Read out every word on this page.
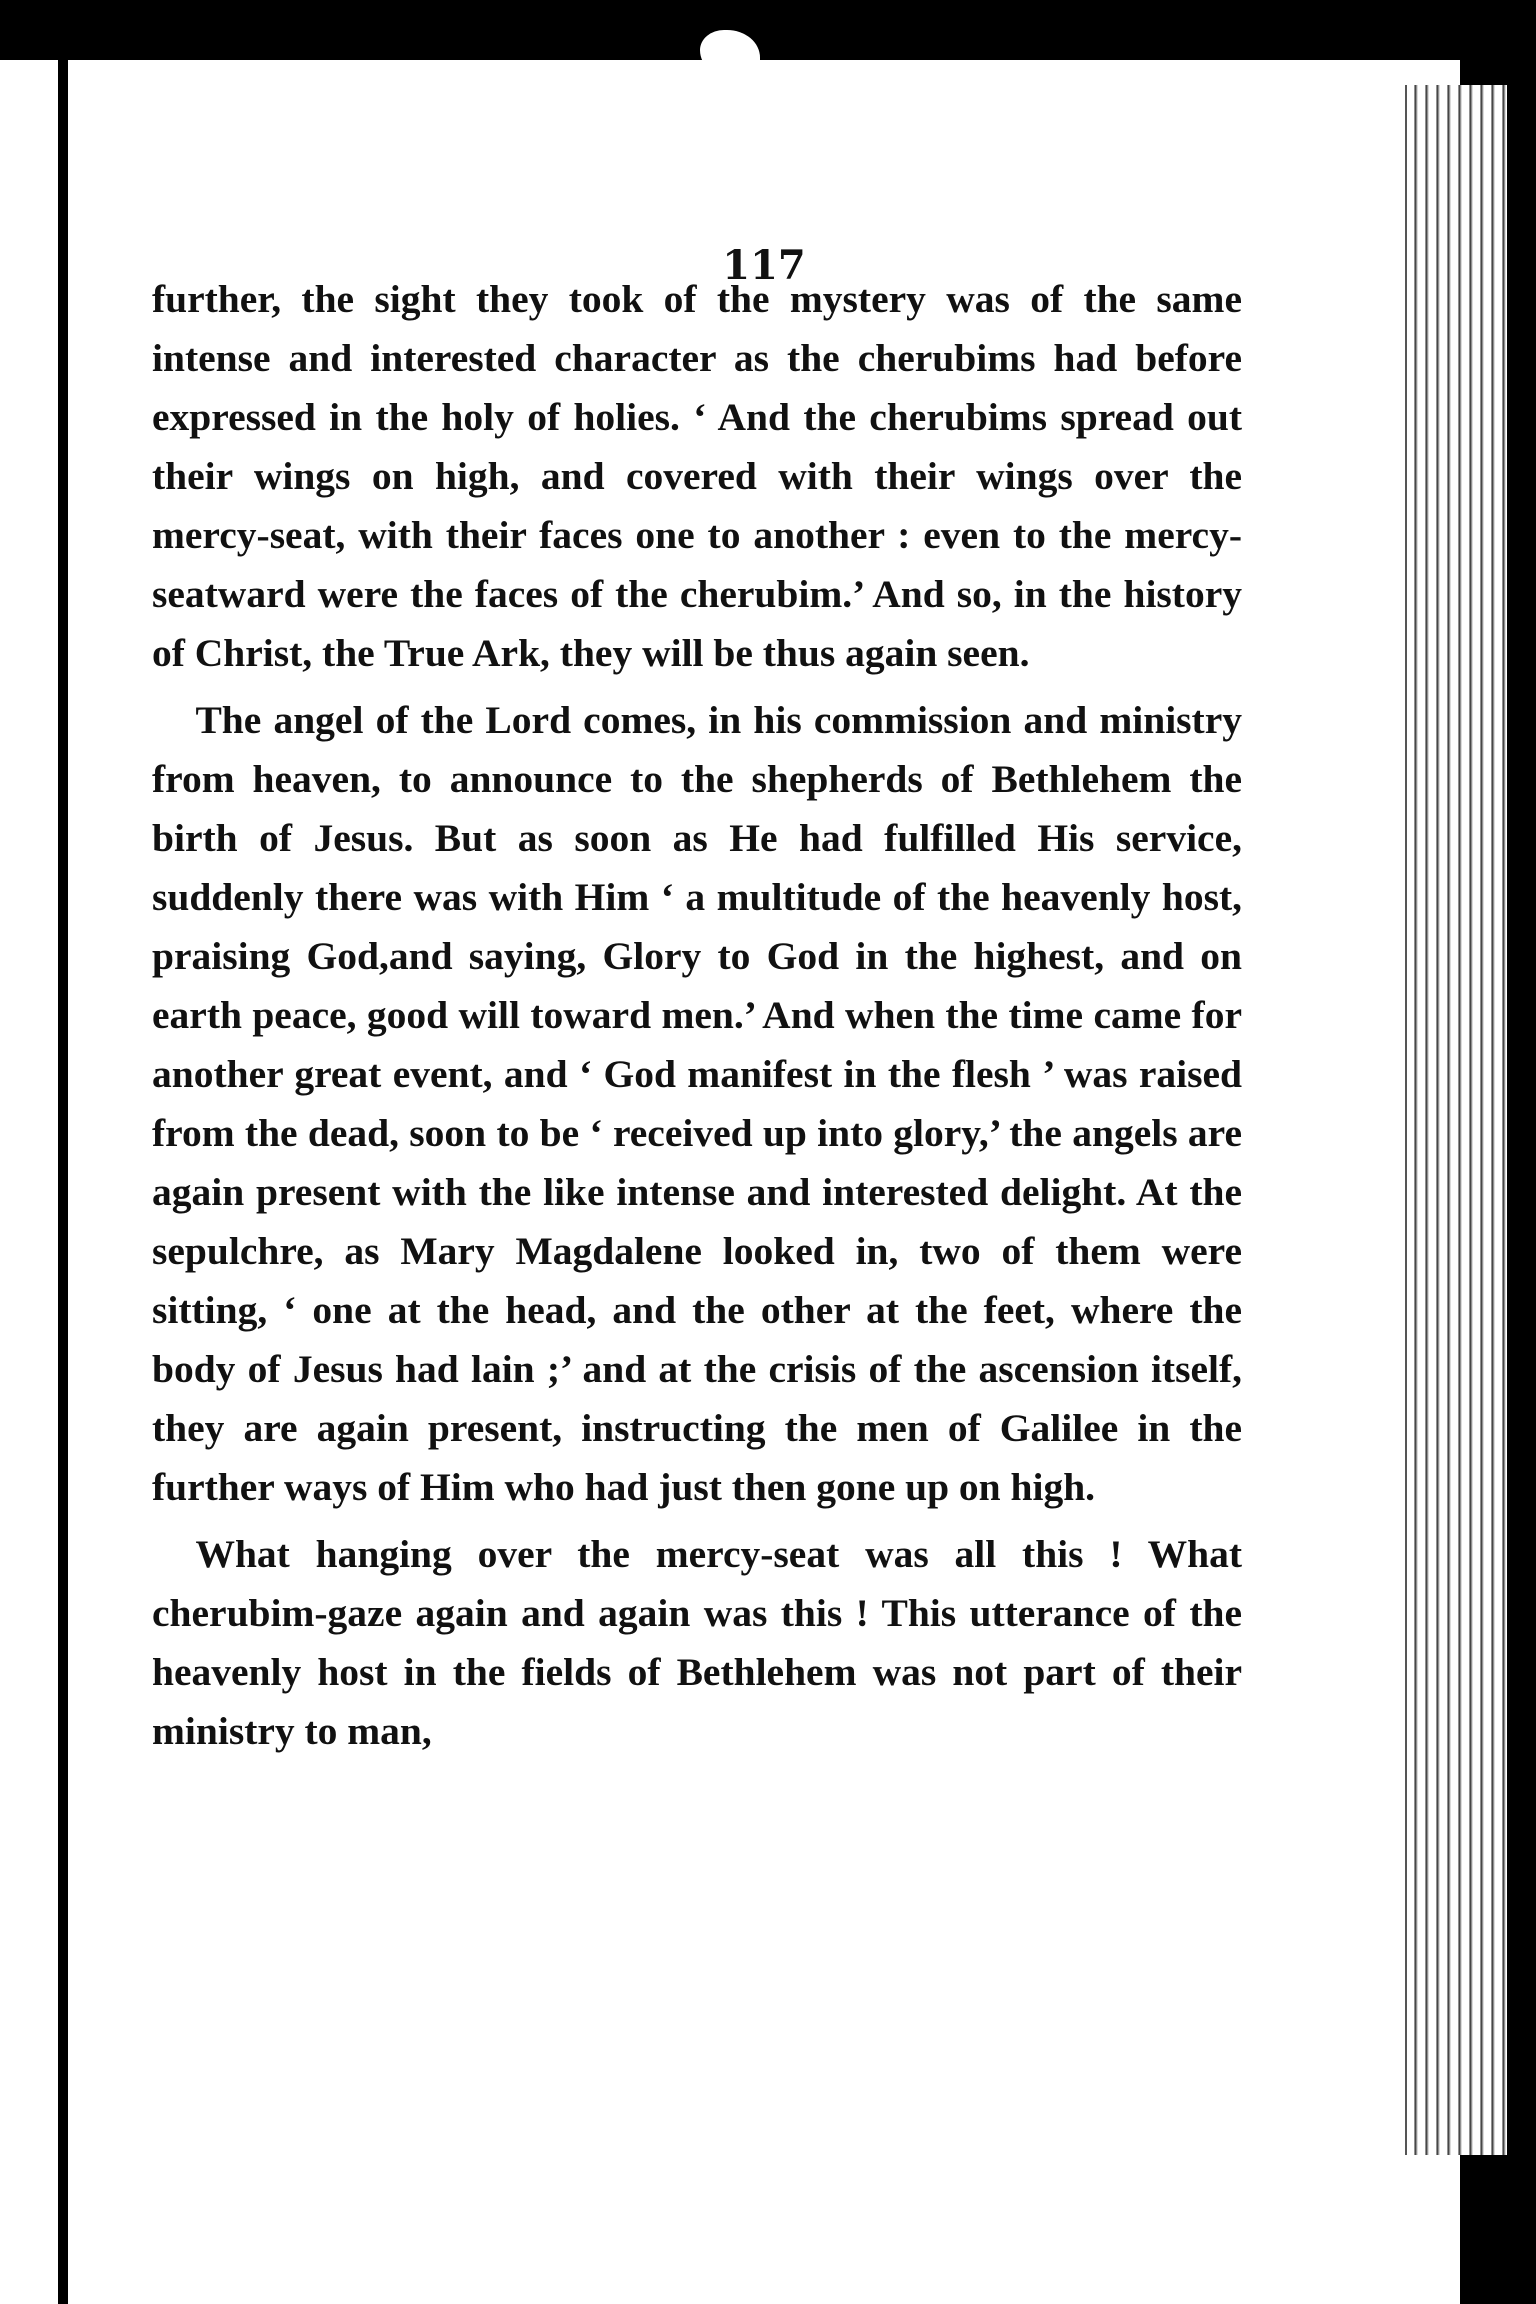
117

further, the sight they took of the mystery was of the same intense and interested character as the cherubims had before expressed in the holy of holies. ‘ And the cherubims spread out their wings on high, and covered with their wings over the mercy-seat, with their faces one to another : even to the mercy-seatward were the faces of the cherubim.’ And so, in the history of Christ, the True Ark, they will be thus again seen.

The angel of the Lord comes, in his commission and ministry from heaven, to announce to the shepherds of Bethlehem the birth of Jesus. But as soon as He had fulfilled His service, suddenly there was with Him ‘ a multitude of the heavenly host, praising God,and saying, Glory to God in the highest, and on earth peace, good will toward men.’ And when the time came for another great event, and ‘ God manifest in the flesh ’ was raised from the dead, soon to be ‘ received up into glory,’ the angels are again present with the like intense and interested delight. At the sepulchre, as Mary Magdalene looked in, two of them were sitting, ‘ one at the head, and the other at the feet, where the body of Jesus had lain ;’ and at the crisis of the ascension itself, they are again present, instructing the men of Galilee in the further ways of Him who had just then gone up on high.

What hanging over the mercy-seat was all this ! What cherubim-gaze again and again was this ! This utterance of the heavenly host in the fields of Bethlehem was not part of their ministry to man,
